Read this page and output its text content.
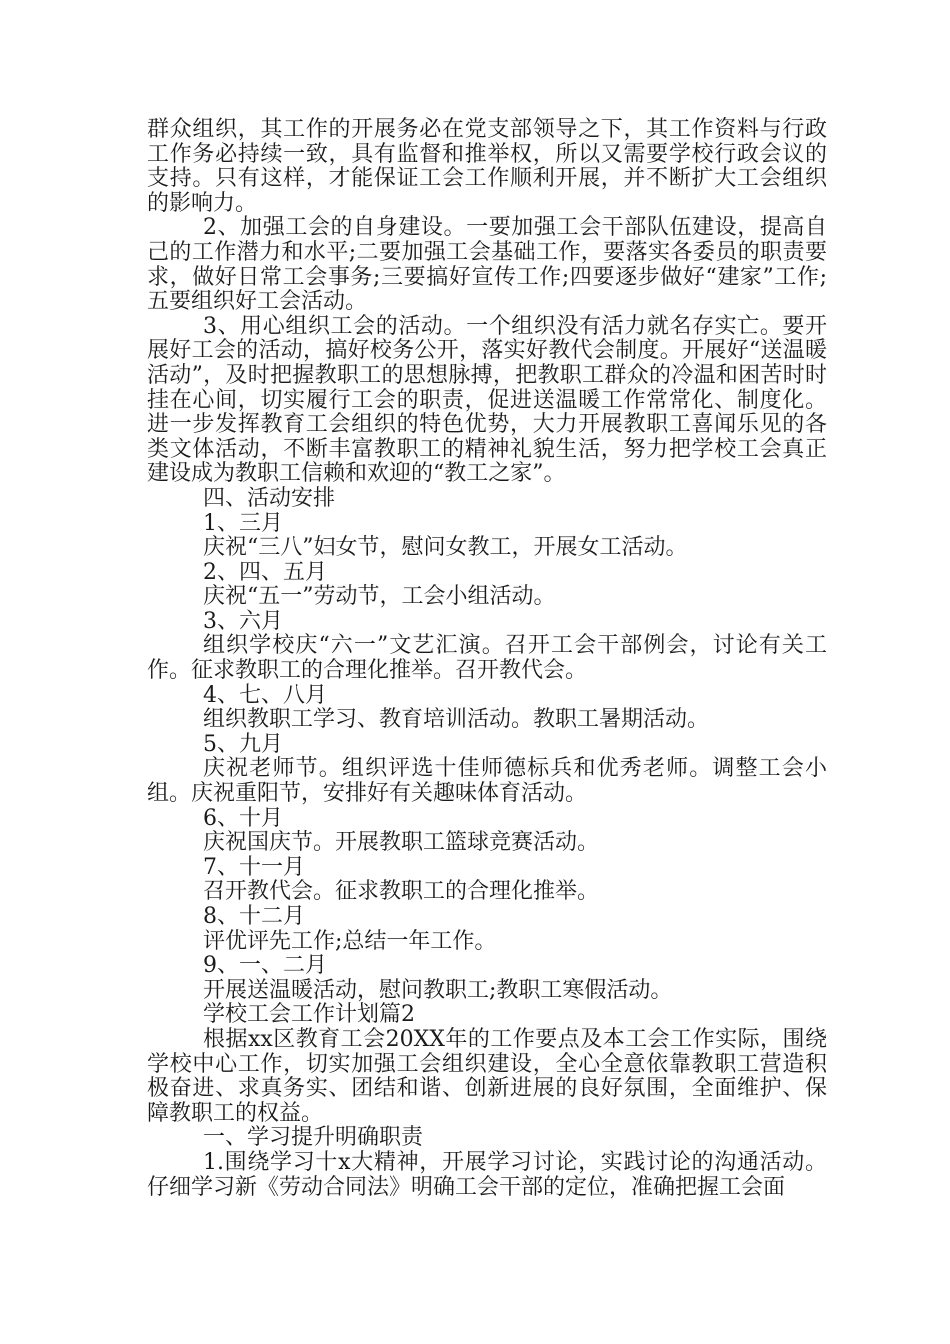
群众组织，其工作的开展务必在党支部领导之下，其工作资料与行政工作务必持续一致，具有监督和推举权，所以又需要学校行政会议的支持。只有这样，才能保证工会工作顺利开展，并不断扩大工会组织的影响力。

2、加强工会的自身建设。一要加强工会干部队伍建设，提高自己的工作潜力和水平;二要加强工会基础工作，要落实各委员的职责要求，做好日常工会事务;三要搞好宣传工作;四要逐步做好“建家”工作;五要组织好工会活动。

3、用心组织工会的活动。一个组织没有活力就名存实亡。要开展好工会的活动，搞好校务公开，落实好教代会制度。开展好“送温暖活动”，及时把握教职工的思想脉搏，把教职工群众的冷温和困苦时时挂在心间，切实履行工会的职责，促进送温暖工作常常化、制度化。进一步发挥教育工会组织的特色优势，大力开展教职工喜闻乐见的各类文体活动，不断丰富教职工的精神礼貌生活，努力把学校工会真正建设成为教职工信赖和欢迎的“教工之家”。

四、活动安排

1、三月

庆祝“三八”妇女节，慰问女教工，开展女工活动。

2、四、五月

庆祝“五一”劳动节，工会小组活动。

3、六月

组织学校庆“六一”文艺汇演。召开工会干部例会，讨论有关工作。征求教职工的合理化推举。召开教代会。

4、七、八月

组织教职工学习、教育培训活动。教职工暑期活动。

5、九月

庆祝老师节。组织评选十佳师德标兵和优秀老师。调整工会小组。庆祝重阳节，安排好有关趣味体育活动。

6、十月

庆祝国庆节。开展教职工篮球竞赛活动。

7、十一月

召开教代会。征求教职工的合理化推举。

8、十二月

评优评先工作;总结一年工作。

9、一、二月

开展送温暖活动，慰问教职工;教职工寒假活动。

学校工会工作计划篇2

根据xx区教育工会20XX年的工作要点及本工会工作实际，围绕学校中心工作，切实加强工会组织建设，全心全意依靠教职工营造积极奋进、求真务实、团结和谐、创新进展的良好氛围，全面维护、保障教职工的权益。

一、学习提升明确职责

1.围绕学习十x大精神，开展学习讨论，实践讨论的沟通活动。仔细学习新《劳动合同法》明确工会干部的定位，准确把握工会面
